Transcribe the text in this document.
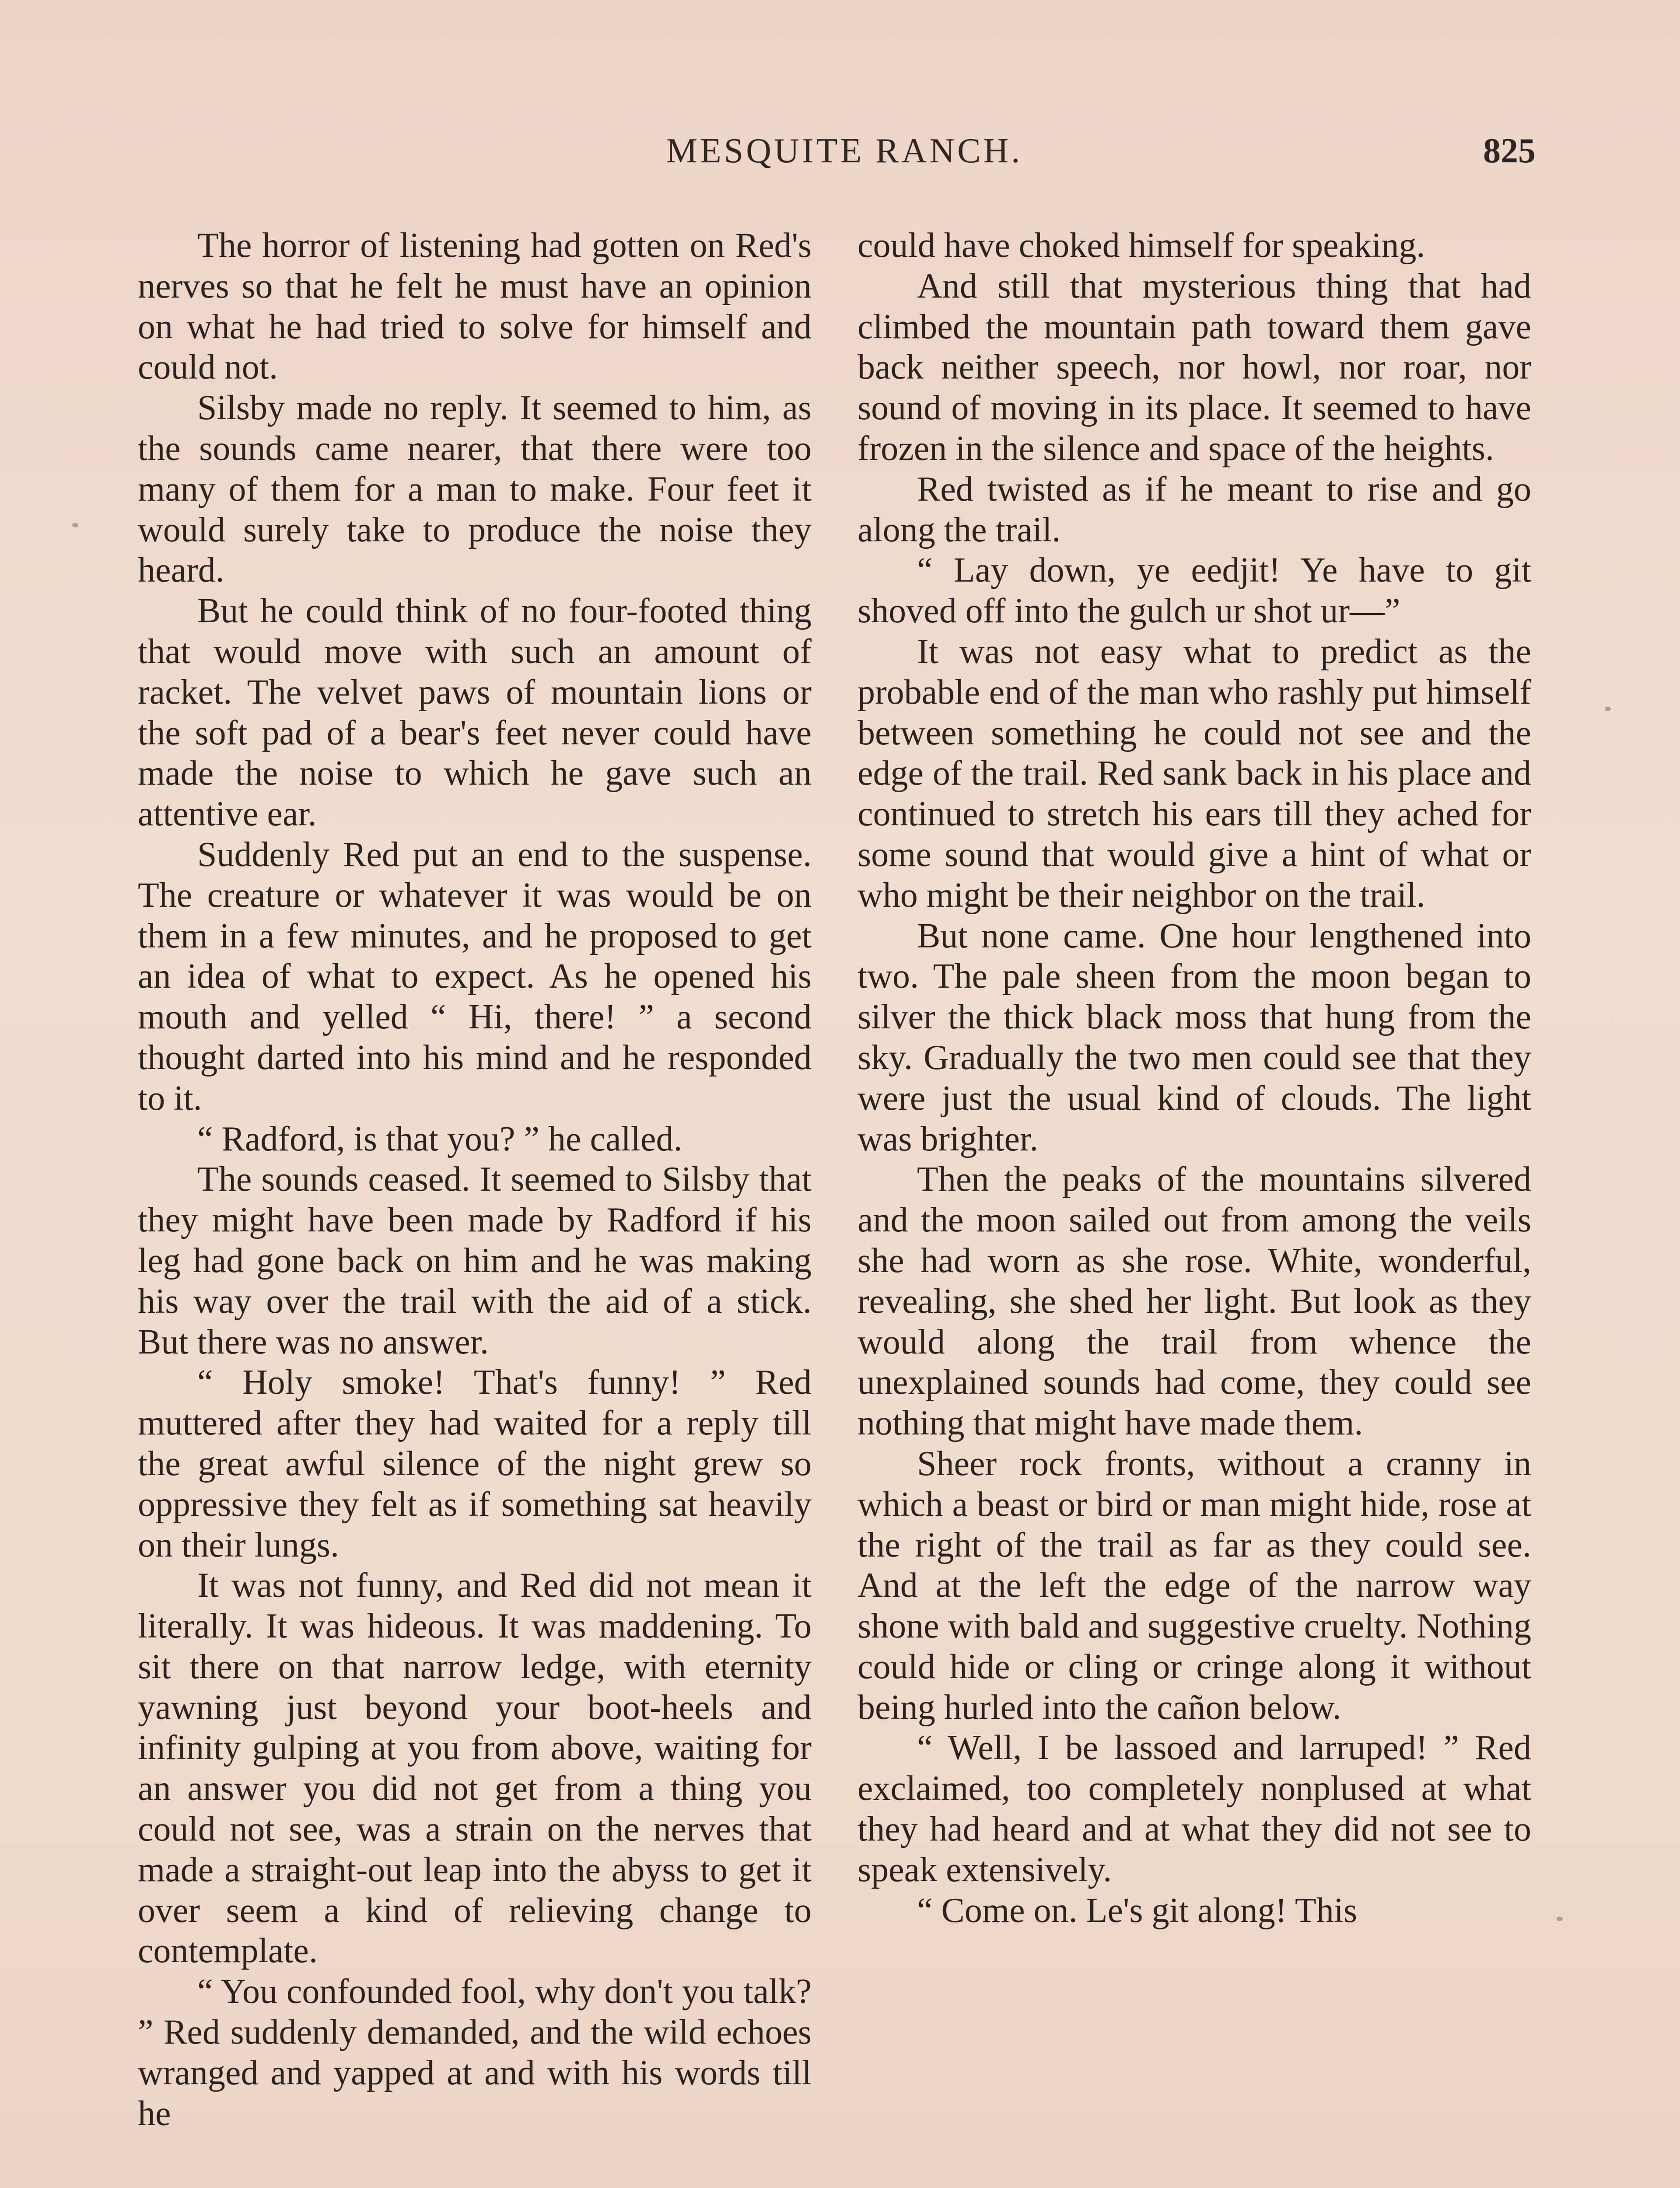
MESQUITE RANCH.	825

The horror of listening had gotten on Red's nerves so that he felt he must have an opinion on what he had tried to solve for himself and could not.

Silsby made no reply. It seemed to him, as the sounds came nearer, that there were too many of them for a man to make. Four feet it would surely take to produce the noise they heard.

But he could think of no four-footed thing that would move with such an amount of racket. The velvet paws of mountain lions or the soft pad of a bear's feet never could have made the noise to which he gave such an attentive ear.

Suddenly Red put an end to the suspense. The creature or whatever it was would be on them in a few minutes, and he proposed to get an idea of what to expect. As he opened his mouth and yelled “ Hi, there! ” a second thought darted into his mind and he responded to it.

“ Radford, is that you? ” he called.

The sounds ceased. It seemed to Silsby that they might have been made by Radford if his leg had gone back on him and he was making his way over the trail with the aid of a stick. But there was no answer.

“ Holy smoke! That's funny! ” Red muttered after they had waited for a reply till the great awful silence of the night grew so oppressive they felt as if something sat heavily on their lungs.

It was not funny, and Red did not mean it literally. It was hideous. It was maddening. To sit there on that narrow ledge, with eternity yawning just beyond your boot-heels and infinity gulping at you from above, waiting for an answer you did not get from a thing you could not see, was a strain on the nerves that made a straight-out leap into the abyss to get it over seem a kind of relieving change to contemplate.

“ You confounded fool, why don't you talk? ” Red suddenly demanded, and the wild echoes wranged and yapped at and with his words till he

could have choked himself for speaking.

And still that mysterious thing that had climbed the mountain path toward them gave back neither speech, nor howl, nor roar, nor sound of moving in its place. It seemed to have frozen in the silence and space of the heights.

Red twisted as if he meant to rise and go along the trail.

“ Lay down, ye eedjit! Ye have to git shoved off into the gulch ur shot ur—”

It was not easy what to predict as the probable end of the man who rashly put himself between something he could not see and the edge of the trail. Red sank back in his place and continued to stretch his ears till they ached for some sound that would give a hint of what or who might be their neighbor on the trail.

But none came. One hour lengthened into two. The pale sheen from the moon began to silver the thick black moss that hung from the sky. Gradually the two men could see that they were just the usual kind of clouds. The light was brighter.

Then the peaks of the mountains silvered and the moon sailed out from among the veils she had worn as she rose. White, wonderful, revealing, she shed her light. But look as they would along the trail from whence the unexplained sounds had come, they could see nothing that might have made them.

Sheer rock fronts, without a cranny in which a beast or bird or man might hide, rose at the right of the trail as far as they could see. And at the left the edge of the narrow way shone with bald and suggestive cruelty. Nothing could hide or cling or cringe along it without being hurled into the cañon below.

“ Well, I be lassoed and larruped! ” Red exclaimed, too completely nonplused at what they had heard and at what they did not see to speak extensively.

“ Come on. Le's git along! This
